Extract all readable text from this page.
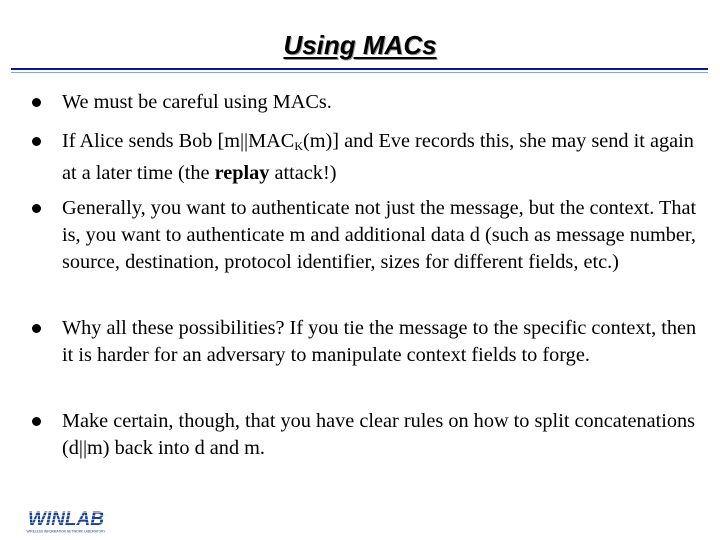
Using MACs
We must be careful using MACs.
If Alice sends Bob $[m||MAC_K(m)]$ and Eve records this, she may send it again at a later time (the replay attack!)
Generally, you want to authenticate not just the message, but the context. That is, you want to authenticate m and additional data d (such as message number, source, destination, protocol identifier, sizes for different fields, etc.)
Why all these possibilities? If you tie the message to the specific context, then it is harder for an adversary to manipulate context fields to forge.
Make certain, though, that you have clear rules on how to split concatenations (d||m) back into d and m.
WINLAB
WIRELESS INFORMATION NETWORK LABORATORY
